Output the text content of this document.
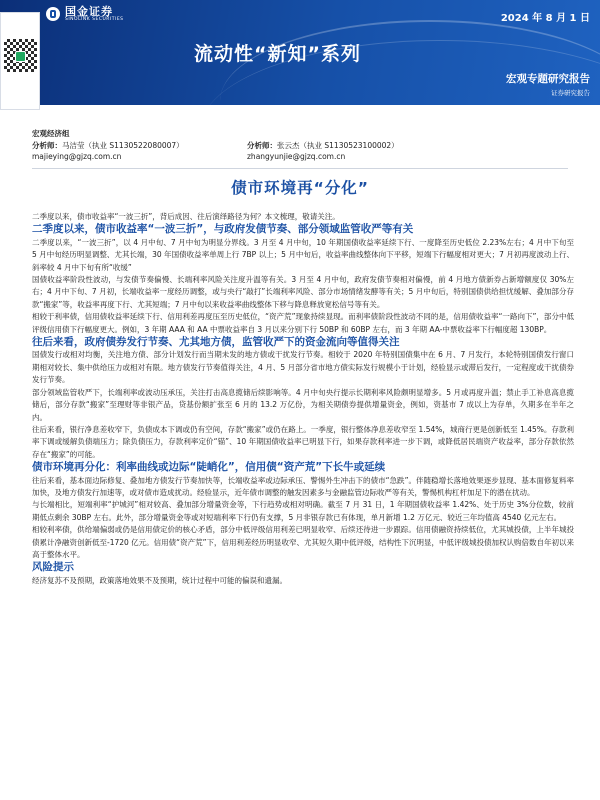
国金证券
SINOLINK SECURITIES	2024 年 8 月 1 日
流动性“新知”系列
宏观专题研究报告
证券研究报告
宏观经济组
分析师：马洁莹（执业 S1130522080007）	分析师：张云杰（执业 S1130523100002）
majieying@gjzq.com.cn	zhangyunjie@gjzq.com.cn
债市环境再“分化”

二季度以来，债市收益率“一波三折”，背后成因、往后演绎路径为何？本文梳理，敬请关注。

二季度以来，债市收益率“一波三折”，与政府发债节奏、部分领域监管收严等有关

二季度以来，“一波三折”，以 4 月中旬、7 月中旬为明显分界线。3 月至 4 月中旬，10 年期国债收益率延续下行、一度降至历史低位 2.23%左右；4 月中下旬至 5 月中旬经历明显调整、尤其长端，30 年国债收益率单周上行 7BP 以上；5 月中旬后，收益率曲线整体向下平移，短端下行幅度相对更大；7 月初再度波动上行、斜率较 4 月中下旬有所“收缓”

国债收益率阶段性波动，与发债节奏偏慢、长端利率风险关注度升温等有关。3 月至 4 月中旬，政府发债节奏相对偏慢，前 4 月地方债新券占新增额度仅 30%左右；4 月中下旬、7 月初，长端收益率一度经历调整，或与央行“敲打”长端利率风险、部分市场情绪发酵等有关；5 月中旬后，特别国债供给担忧缓解、叠加部分存款“搬家”等，收益率再度下行、尤其短端；7 月中旬以来收益率曲线整体下移与降息释放宽松信号等有关。

相较于利率债，信用债收益率延续下行、信用利差再度压至历史低位，“资产荒”现象持续显现。而利率债阶段性波动不同的是，信用债收益率“一路向下”，部分中低评级信用债下行幅度更大。例如，3 年期 AAA 和 AA 中票收益率自 3 月以来分别下行 50BP 和 60BP 左右，而 3 年期 AA-中票收益率下行幅度超 130BP。

往后来看，政府债券发行节奏、尤其地方债，监管收严下的资金流向等值得关注

国债发行或相对均衡，关注地方债、部分计划发行而当期未发的地方债或干扰发行节奏。相较于 2020 年特别国债集中在 6 月、7 月发行，本轮特别国债发行窗口期相对较长、集中供给压力或相对有限。地方债发行节奏值得关注，4 月、5 月部分省市地方债实际发行规模小于计划，经验显示或滞后发行，一定程度或干扰债券发行节奏。

部分领域监管收严下，长端利率或波动压承压，关注打击高息揽储后续影响等。4 月中旬央行提示长期利率风险颇明显增多。5 月或再度升温；禁止手工补息高息揽储后，部分存款“搬家”至理财等非银产品，贷基份额扩张至 6 月的 13.2 万亿份，为相关期债券提供增量资金，例如，资基市 7 成以上为存单，久期多在半年之内。

往后来看，银行净息差收窄下，负债成本下调或仍有空间，存款“搬家”或仍在路上。一季度，银行整体净息差收窄至 1.54%，城商行更是创新低至 1.45%。存款利率下调或缓解负债端压力；除负债压力，存款利率定价“锚”、10 年期国债收益率已明显下行，如果存款利率进一步下调，或降低居民端资产收益率，部分存款依然存在“搬家”的可能。

债市环境再分化：利率曲线或边际“陡峭化”，信用债“资产荒”下长牛或延续

往后来看，基本面边际修复、叠加地方债发行节奏加快等，长端收益率或边际承压、警惕外生冲击下的债市“急跌”。伴随稳增长落地效果逐步显现、基本面修复料率加快，及地方债发行加速等，或对债市造成扰动。经验显示，近年债市调整的触发因素多与金融监管边际收严等有关，警惕机构杠杆加足下的潜在扰动。

与长端相比，短端利率“护城河”相对较高、叠加部分增量资金等，下行趋势或相对明确。截至 7 月 31 日，1 年期国债收益率 1.42%、处于历史 3%分位数，较前期低点剩余 30BP 左右。此外，部分增量资金等或对短端利率下行仍有支撑，5 月非银存款已有体现，单月新增 1.2 万亿元、较近三年均值高 4540 亿元左右。

相较利率债，供给端偏弱或仍是信用债定价的核心矛盾，部分中低评级信用利差已明显收窄、后续还待进一步跟踪。信用债融资持续低位，尤其城投债，上半年城投债累计净融资创新低至-1720 亿元。信用债“资产荒”下，信用利差经历明显收窄、尤其短久期中低评级，结构性下沉明显，中低评级城投债加权认购倍数自年初以来高于整体水平。

风险提示

经济复苏不及预期，政策落地效果不及预期，统计过程中可能的偏误和遗漏。
